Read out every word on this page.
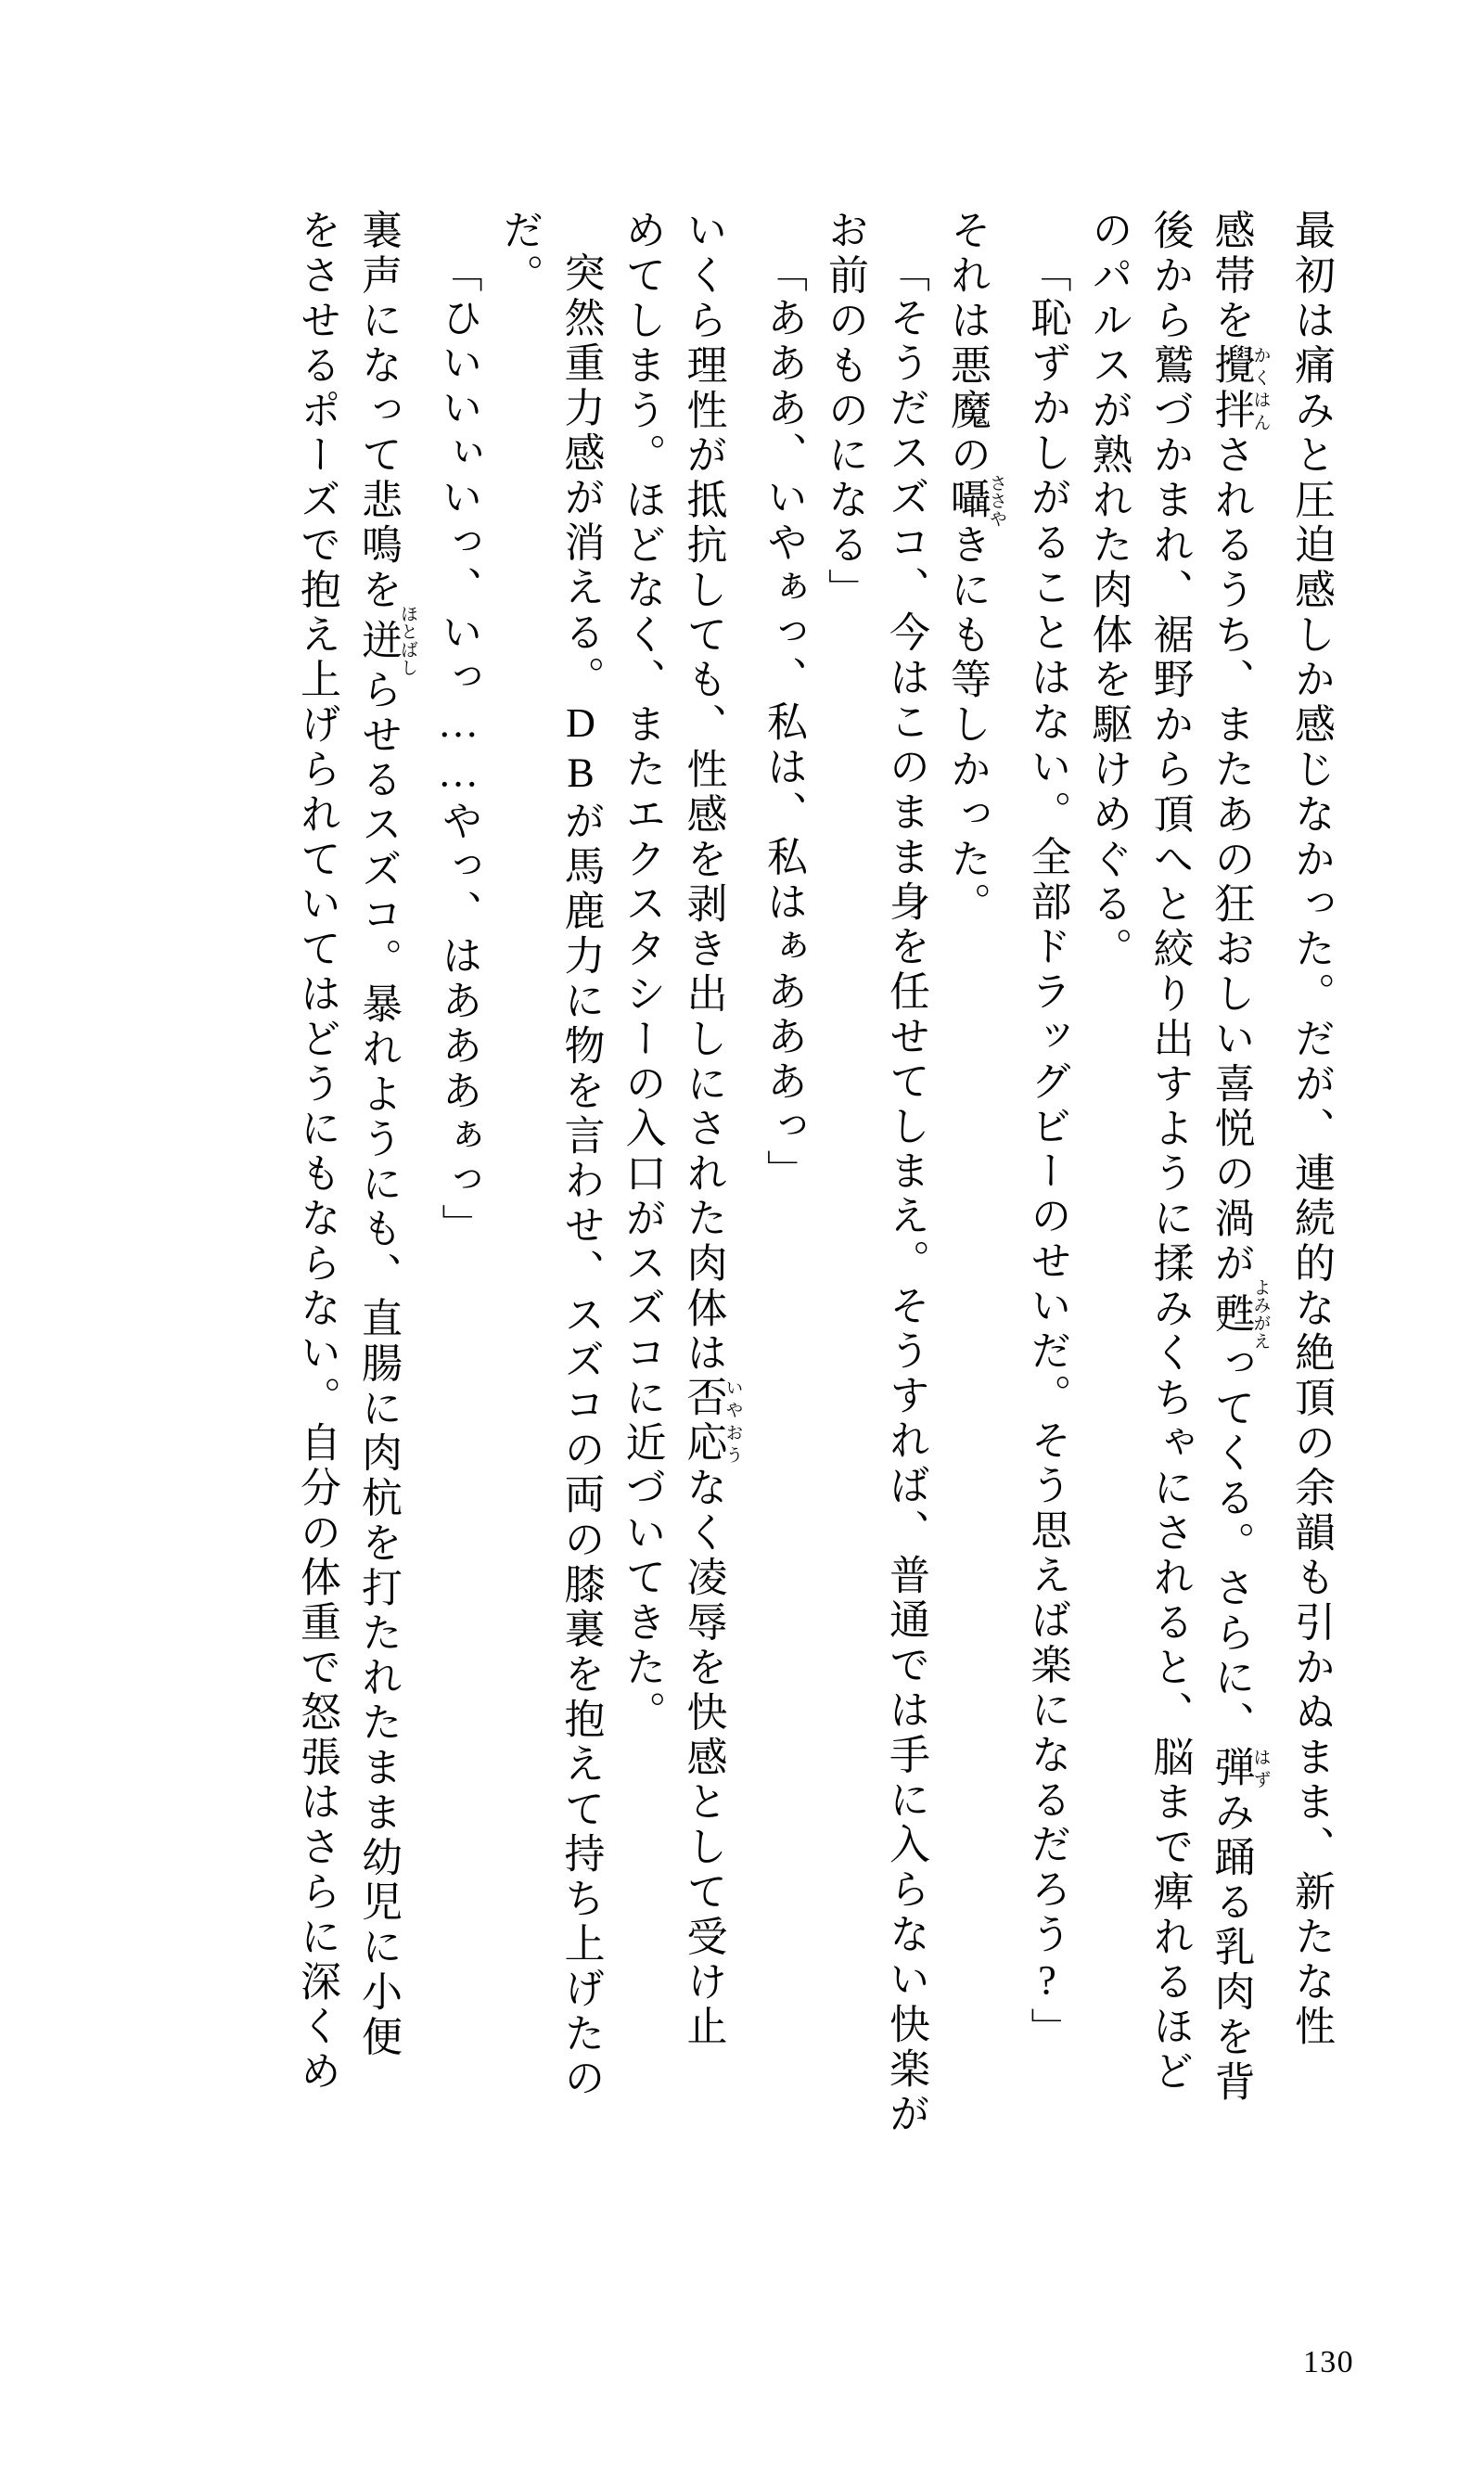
最初は痛みと圧迫感しか感じなかった。だが、連続的な絶頂の余韻も引かぬまま、新たな性
感帯を攪拌かくはんされるうち、またあの狂おしい喜悦の渦が甦よみがえってくる。さらに、弾はずみ踊る乳肉を背
後から鷲づかまれ、裾野から頂へと絞り出すように揉みくちゃにされると、脳まで痺れるほど
のパルスが熟れた肉体を駆けめぐる。
「恥ずかしがることはない。全部ドラッグビーのせいだ。そう思えば楽になるだろう?」
それは悪魔の囁ささやきにも等しかった。
「そうだスズコ、今はこのまま身を任せてしまえ。そうすれば、普通では手に入らない快楽が
お前のものになる」
「あああ、いやぁっ、私は、私はぁあああっ」
いくら理性が抵抗しても、性感を剥き出しにされた肉体は否応いやおうなく凌辱を快感として受け止
めてしまう。ほどなく、またエクスタシーの入口がスズコに近づいてきた。
突然重力感が消える。DBが馬鹿力に物を言わせ、スズコの両の膝裏を抱えて持ち上げたの
だ。
「ひいいぃいっ、いっ……やっ、はあああぁっ」
裏声になって悲鳴を迸ほとばしらせるスズコ。暴れようにも、直腸に肉杭を打たれたまま幼児に小便
をさせるポーズで抱え上げられていてはどうにもならない。自分の体重で怒張はさらに深くめ
130
